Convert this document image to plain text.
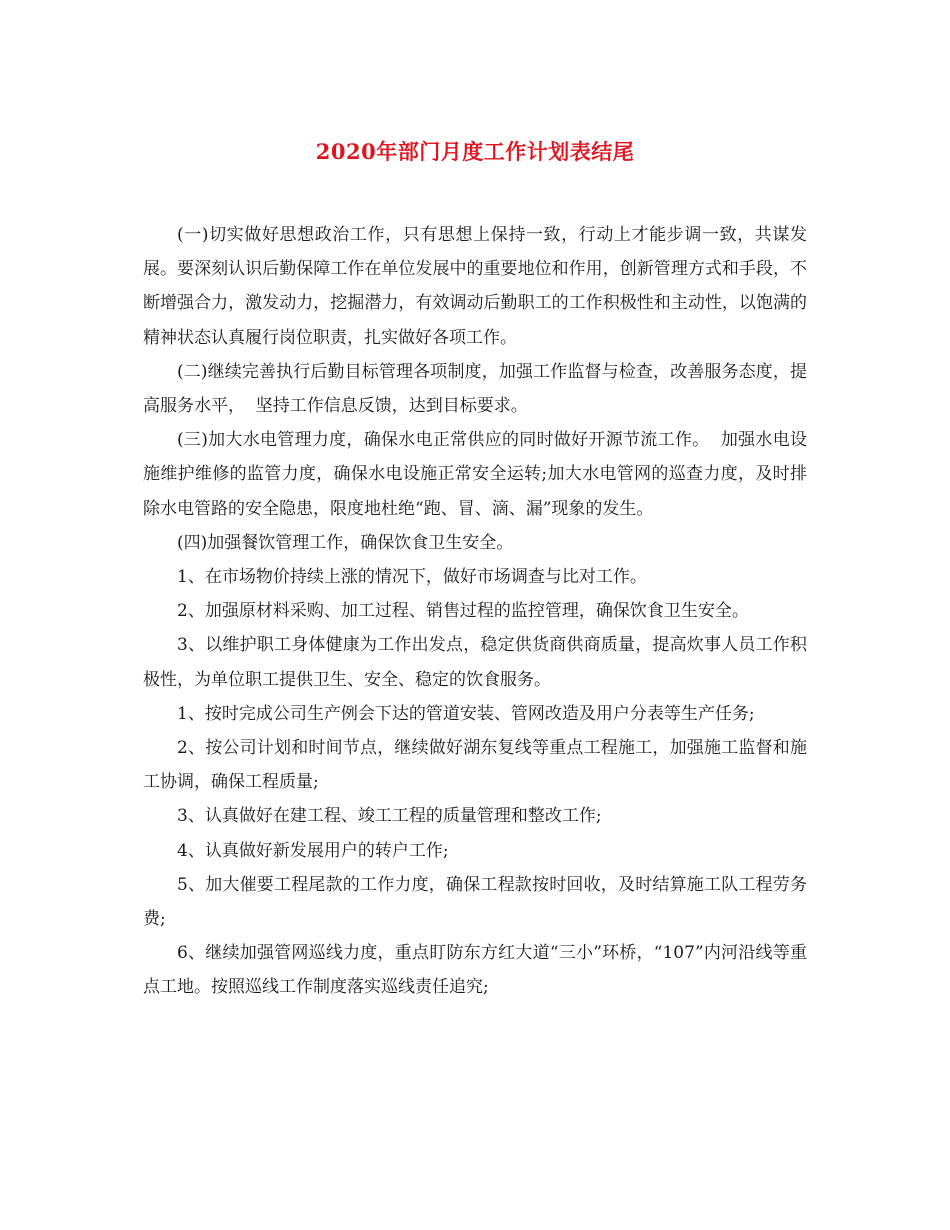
2020年部门月度工作计划表结尾

(一)切实做好思想政治工作，只有思想上保持一致，行动上才能步调一致，共谋发展。要深刻认识后勤保障工作在单位发展中的重要地位和作用，创新管理方式和手段，不断增强合力，激发动力，挖掘潜力，有效调动后勤职工的工作积极性和主动性，以饱满的精神状态认真履行岗位职责，扎实做好各项工作。

(二)继续完善执行后勤目标管理各项制度，加强工作监督与检查，改善服务态度，提高服务水平，  坚持工作信息反馈，达到目标要求。

(三)加大水电管理力度，确保水电正常供应的同时做好开源节流工作。  加强水电设施维护维修的监管力度，确保水电设施正常安全运转;加大水电管网的巡查力度，及时排除水电管路的安全隐患，限度地杜绝“跑、冒、滴、漏”现象的发生。

(四)加强餐饮管理工作，确保饮食卫生安全。

1、在市场物价持续上涨的情况下，做好市场调查与比对工作。

2、加强原材料采购、加工过程、销售过程的监控管理，确保饮食卫生安全。

3、以维护职工身体健康为工作出发点，稳定供货商供商质量，提高炊事人员工作积极性，为单位职工提供卫生、安全、稳定的饮食服务。

1、按时完成公司生产例会下达的管道安装、管网改造及用户分表等生产任务;

2、按公司计划和时间节点，继续做好湖东复线等重点工程施工，加强施工监督和施工协调，确保工程质量;

3、认真做好在建工程、竣工工程的质量管理和整改工作;

4、认真做好新发展用户的转户工作;

5、加大催要工程尾款的工作力度，确保工程款按时回收，及时结算施工队工程劳务费;

6、继续加强管网巡线力度，重点盯防东方红大道“三小”环桥，“107”内河沿线等重点工地。按照巡线工作制度落实巡线责任追究;
